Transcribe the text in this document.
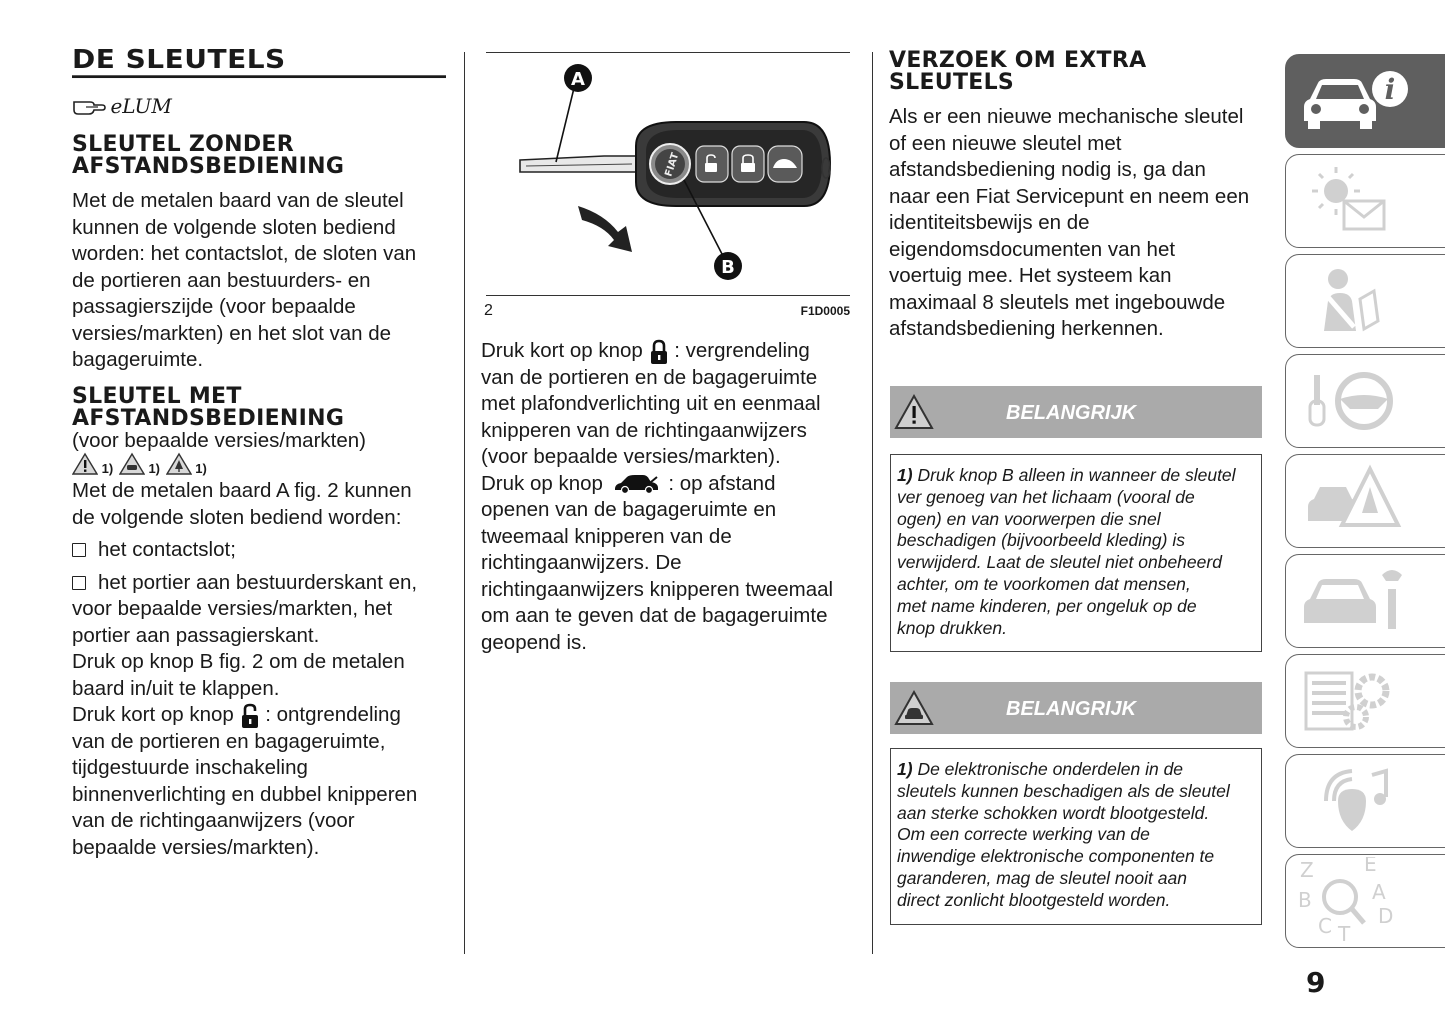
DE SLEUTELS
eLUM
SLEUTEL ZONDER
AFSTANDSBEDIENING
Met de metalen baard van de sleutel
kunnen de volgende sloten bediend
worden: het contactslot, de sloten van
de portieren aan bestuurders- en
passagierszijde (voor bepaalde
versies/markten) en het slot van de
bagageruimte.
SLEUTEL MET
AFSTANDSBEDIENING
(voor bepaalde versies/markten)
1)	1)	1)
Met de metalen baard A fig. 2 kunnen
de volgende sloten bediend worden:
het contactslot;
het portier aan bestuurderskant en,
voor bepaalde versies/markten, het
portier aan passagierskant.
Druk op knop B fig. 2 om de metalen
baard in/uit te klappen.
Druk kort op knop : ontgrendeling
van de portieren en bagageruimte,
tijdgestuurde inschakeling
binnenverlichting en dubbel knipperen
van de richtingaanwijzers (voor
bepaalde versies/markten).
FIAT
A
B
2	F1D0005
Druk kort op knop : vergrendeling
van de portieren en de bagageruimte
met plafondverlichting uit en eenmaal
knipperen van de richtingaanwijzers
(voor bepaalde versies/markten).
Druk op knop	: op afstand
openen van de bagageruimte en
tweemaal knipperen van de
richtingaanwijzers. De
richtingaanwijzers knipperen tweemaal
om aan te geven dat de bagageruimte
geopend is.
VERZOEK OM EXTRA
SLEUTELS
Als er een nieuwe mechanische sleutel
of een nieuwe sleutel met
afstandsbediening nodig is, ga dan
naar een Fiat Servicepunt en neem een
identiteitsbewijs en de
eigendomsdocumenten van het
voertuig mee. Het systeem kan
maximaal 8 sleutels met ingebouwde
afstandsbediening herkennen.
BELANGRIJK
1) Druk knop B alleen in wanneer de sleutel
ver genoeg van het lichaam (vooral de
ogen) en van voorwerpen die snel
beschadigen (bijvoorbeeld kleding) is
verwijderd. Laat de sleutel niet onbeheerd
achter, om te voorkomen dat mensen,
met name kinderen, per ongeluk op de
knop drukken.
BELANGRIJK
1) De elektronische onderdelen in de
sleutels kunnen beschadigen als de sleutel
aan sterke schokken wordt blootgesteld.
Om een correcte werking van de
inwendige elektronische componenten te
garanderen, mag de sleutel nooit aan
direct zonlicht blootgesteld worden.
i
Z	E
B	A
C D
T
9
